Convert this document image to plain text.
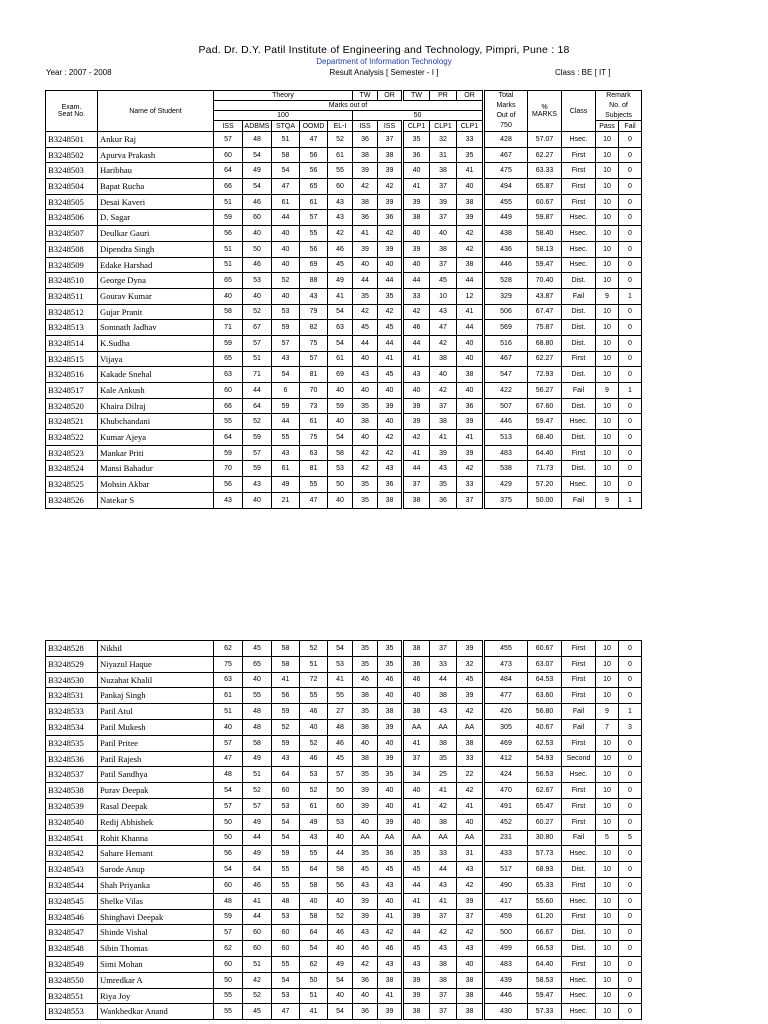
Pad. Dr. D.Y. Patil Institute of Engineering and Technology, Pimpri, Pune : 18
Department of Information Technology
Result Analysis [ Semester - I ]
Year : 2007 - 2008	Class : BE [ IT ]
Exam.	Name of Student	Theory					TW	OR	TW	PR	OR	Total	%	Class	Remark	
		Marks out of										Marks			No. of	
Seat No.		100					50					Out of	MARKS		Subjects	
		ISS	ADBMS	STQA	OOMD	EL-I	ISS	ISS	CLP1	CLP1	CLP1	750			Pass	Fail
B3248501	Ankur Raj	57	48	51	47	52	36	37	35	32	33	428	57.07	Hsec.	10	0
B3248502	Apurva Prakash	60	54	58	56	61	38	38	36	31	35	467	62.27	First	10	0
B3248503	Haribhau	64	49	54	56	55	39	39	40	38	41	475	63.33	First	10	0
B3248504	Bapat Rucha	66	54	47	65	60	42	42	41	37	40	494	65.87	First	10	0
B3248505	Desai Kaveri	51	46	61	61	43	38	39	39	39	38	455	60.67	First	10	0
B3248506	D. Sagar	59	60	44	57	43	36	36	38	37	39	449	59.87	Hsec.	10	0
B3248507	Deulkar Gauri	56	40	40	55	42	41	42	40	40	42	438	58.40	Hsec.	10	0
B3248508	Dipendra Singh	51	50	40	56	46	39	39	39	38	42	436	58.13	Hsec.	10	0
B3248509	Edake Harshad	51	46	40	69	45	40	40	40	37	38	446	59.47	Hsec.	10	0
B3248510	George Dyna	65	53	52	88	49	44	44	44	45	44	528	70.40	Dist.	10	0
B3248511	Gourav Kumar	40	40	40	43	41	35	35	33	10	12	329	43.87	Fail	9	1
B3248512	Gujar Pranit	58	52	53	79	54	42	42	42	43	41	506	67.47	Dist.	10	0
B3248513	Somnath Jadhav	71	67	59	82	63	45	45	46	47	44	569	75.87	Dist.	10	0
B3248514	K.Sudha	59	57	57	75	54	44	44	44	42	40	516	68.80	Dist.	10	0
B3248515	Vijaya	65	51	43	57	61	40	41	41	38	40	467	62.27	First	10	0
B3248516	Kakade Snehal	63	71	54	81	69	43	45	43	40	38	547	72.93	Dist.	10	0
B3248517	Kale Ankush	60	44	6	70	40	40	40	40	42	40	422	56.27	Fail	9	1
B3248520	Khaira Dilraj	66	64	59	73	59	35	39	39	37	36	507	67.60	Dist.	10	0
B3248521	Khubchandani	55	52	44	61	40	38	40	39	38	39	446	59.47	Hsec.	10	0
B3248522	Kumar Ajeya	64	59	55	75	54	40	42	42	41	41	513	68.40	Dist.	10	0
B3248523	Mankar Priti	59	57	43	63	58	42	42	41	39	39	483	64.40	First	10	0
B3248524	Mansi Bahadur	70	59	61	81	53	42	43	44	43	42	538	71.73	Dist.	10	0
B3248525	Mohsin Akbar	56	43	49	55	50	35	36	37	35	33	429	57.20	Hsec.	10	0
B3248526	Natekar S	43	40	21	47	40	35	38	38	36	37	375	50.00	Fail	9	1
B3248528	Nikhil	62	45	58	52	54	35	35	38	37	39	455	60.67	First	10	0
B3248529	Niyazul Haque	75	65	58	51	53	35	35	36	33	32	473	63.07	First	10	0
B3248530	Nuzahat Khalil	63	40	41	72	41	46	46	46	44	45	484	64.53	First	10	0
B3248531	Pankaj Singh	61	55	56	55	55	38	40	40	38	39	477	63.60	First	10	0
B3248533	Patil Atul	51	48	59	46	27	35	38	38	43	42	426	56.80	Fail	9	1
B3248534	Patil Mukesh	40	48	52	40	48	38	39	AA	AA	AA	305	40.67	Fail	7	3
B3248535	Patil Pritee	57	58	59	52	46	40	40	41	38	38	469	62.53	First	10	0
B3248536	Patil Rajesh	47	49	43	46	45	38	39	37	35	33	412	54.93	Second	10	0
B3248537	Patil Sandhya	48	51	64	53	57	35	35	34	25	22	424	56.53	Hsec.	10	0
B3248538	Purav Deepak	54	52	60	52	50	39	40	40	41	42	470	62.67	First	10	0
B3248539	Rasal Deepak	57	57	53	61	60	39	40	41	42	41	491	65.47	First	10	0
B3248540	Redij Abhishek	50	49	54	49	53	40	39	40	38	40	452	60.27	First	10	0
B3248541	Rohit Khanna	50	44	54	43	40	AA	AA	AA	AA	AA	231	30.80	Fail	5	5
B3248542	Sahare Hemant	56	49	59	55	44	35	36	35	33	31	433	57.73	Hsec.	10	0
B3248543	Sarode Anup	54	64	55	64	58	45	45	45	44	43	517	68.93	Dist.	10	0
B3248544	Shah Priyanka	60	46	55	58	56	43	43	44	43	42	490	65.33	First	10	0
B3248545	Shelke Vilas	48	41	48	40	40	39	40	41	41	39	417	55.60	Hsec.	10	0
B3248546	Shinghavi Deepak	59	44	53	58	52	39	41	39	37	37	459	61.20	First	10	0
B3248547	Shinde Vishal	57	60	60	64	46	43	42	44	42	42	500	66.67	Dist.	10	0
B3248548	Sibin Thomas	62	60	60	54	40	46	46	45	43	43	499	66.53	Dist.	10	0
B3248549	Simi Mohan	60	51	55	62	49	42	43	43	38	40	483	64.40	First	10	0
B3248550	Umredkar A	50	42	54	50	54	36	38	39	38	38	439	58.53	Hsec.	10	0
B3248551	Riya Joy	55	52	53	51	40	40	41	39	37	38	446	59.47	Hsec.	10	0
B3248553	Wankhedkar Anand	55	45	47	41	54	36	39	38	37	38	430	57.33	Hsec.	10	0
